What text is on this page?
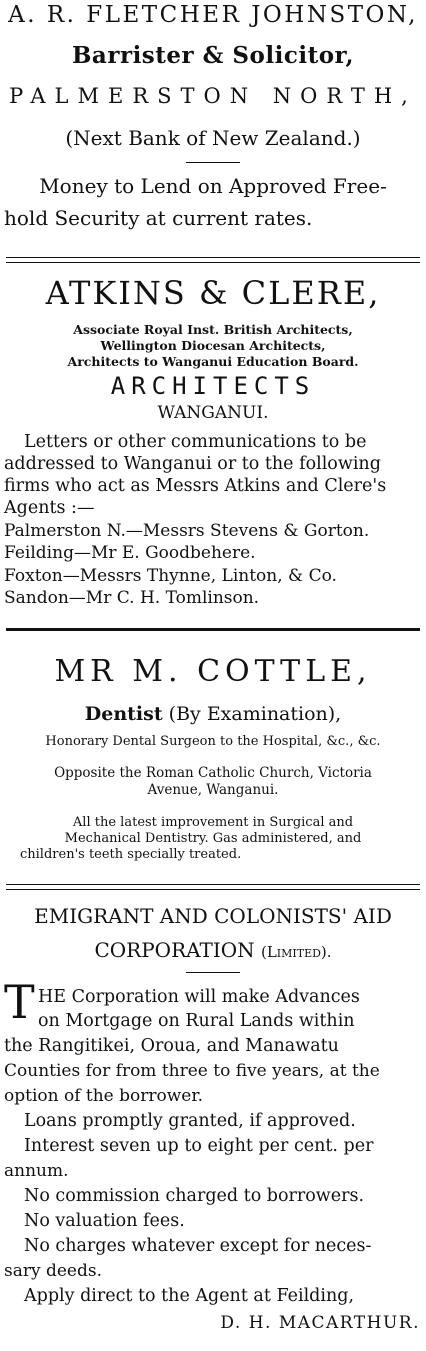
A. R. FLETCHER JOHNSTON,
Barrister & Solicitor,
PALMERSTON NORTH,
(Next Bank of New Zealand.)
Money to Lend on Approved Free-
hold Security at current rates.
ATKINS & CLERE,
Associate Royal Inst. British Architects,
Wellington Diocesan Architects,
Architects to Wanganui Education Board.
ARCHITECTS
WANGANUI.
Letters or other communications to be
addressed to Wanganui or to the following
firms who act as Messrs Atkins and Clere's
Agents :—
Palmerston N.—Messrs Stevens & Gorton.
Feilding—Mr E. Goodbehere.
Foxton—Messrs Thynne, Linton, & Co.
Sandon—Mr C. H. Tomlinson.
MR M. COTTLE,
Dentist (By Examination),
Honorary Dental Surgeon to the Hospital, &c., &c.
Opposite the Roman Catholic Church, Victoria
Avenue, Wanganui.
All the latest improvement in Surgical and
Mechanical Dentistry. Gas administered, and
children's teeth specially treated.
EMIGRANT AND COLONISTS' AID
CORPORATION (Limited).
T HE Corporation will make Advances
on Mortgage on Rural Lands within
the Rangitikei, Oroua, and Manawatu
Counties for from three to five years, at the
option of the borrower.
Loans promptly granted, if approved.
Interest seven up to eight per cent. per
annum.
No commission charged to borrowers.
No valuation fees.
No charges whatever except for neces-
sary deeds.
Apply direct to the Agent at Feilding,
D. H. MACARTHUR.
